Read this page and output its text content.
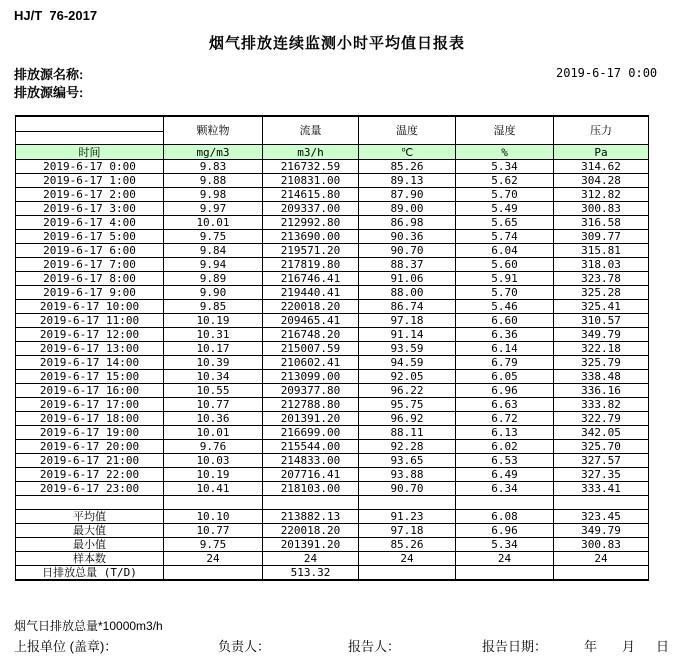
HJ/T  76-2017
烟气排放连续监测小时平均值日报表
排放源名称:
排放源编号:
2019-6-17 0:00
	颗粒物	流量	温度	湿度	压力

时间	mg/m3	m3/h	℃	%	Pa
2019-6-17 0:00	9.83	216732.59	85.26	5.34	314.62
2019-6-17 1:00	9.88	210831.00	89.13	5.62	304.28
2019-6-17 2:00	9.98	214615.80	87.90	5.70	312.82
2019-6-17 3:00	9.97	209337.00	89.00	5.49	300.83
2019-6-17 4:00	10.01	212992.80	86.98	5.65	316.58
2019-6-17 5:00	9.75	213690.00	90.36	5.74	309.77
2019-6-17 6:00	9.84	219571.20	90.70	6.04	315.81
2019-6-17 7:00	9.94	217819.80	88.37	5.60	318.03
2019-6-17 8:00	9.89	216746.41	91.06	5.91	323.78
2019-6-17 9:00	9.90	219440.41	88.00	5.70	325.28
2019-6-17 10:00	9.85	220018.20	86.74	5.46	325.41
2019-6-17 11:00	10.19	209465.41	97.18	6.60	310.57
2019-6-17 12:00	10.31	216748.20	91.14	6.36	349.79
2019-6-17 13:00	10.17	215007.59	93.59	6.14	322.18
2019-6-17 14:00	10.39	210602.41	94.59	6.79	325.79
2019-6-17 15:00	10.34	213099.00	92.05	6.05	338.48
2019-6-17 16:00	10.55	209377.80	96.22	6.96	336.16
2019-6-17 17:00	10.77	212788.80	95.75	6.63	333.82
2019-6-17 18:00	10.36	201391.20	96.92	6.72	322.79
2019-6-17 19:00	10.01	216699.00	88.11	6.13	342.05
2019-6-17 20:00	9.76	215544.00	92.28	6.02	325.70
2019-6-17 21:00	10.03	214833.00	93.65	6.53	327.57
2019-6-17 22:00	10.19	207716.41	93.88	6.49	327.35
2019-6-17 23:00	10.41	218103.00	90.70	6.34	333.41

平均值	10.10	213882.13	91.23	6.08	323.45
最大值	10.77	220018.20	97.18	6.96	349.79
最小值	9.75	201391.20	85.26	5.34	300.83
样本数	24	24	24	24	24
日排放总量 (T/D)		513.32			
烟气日排放总量*10000m3/h
上报单位 (盖章)：	负责人：	报告人：	报告日期：	年 月 日
